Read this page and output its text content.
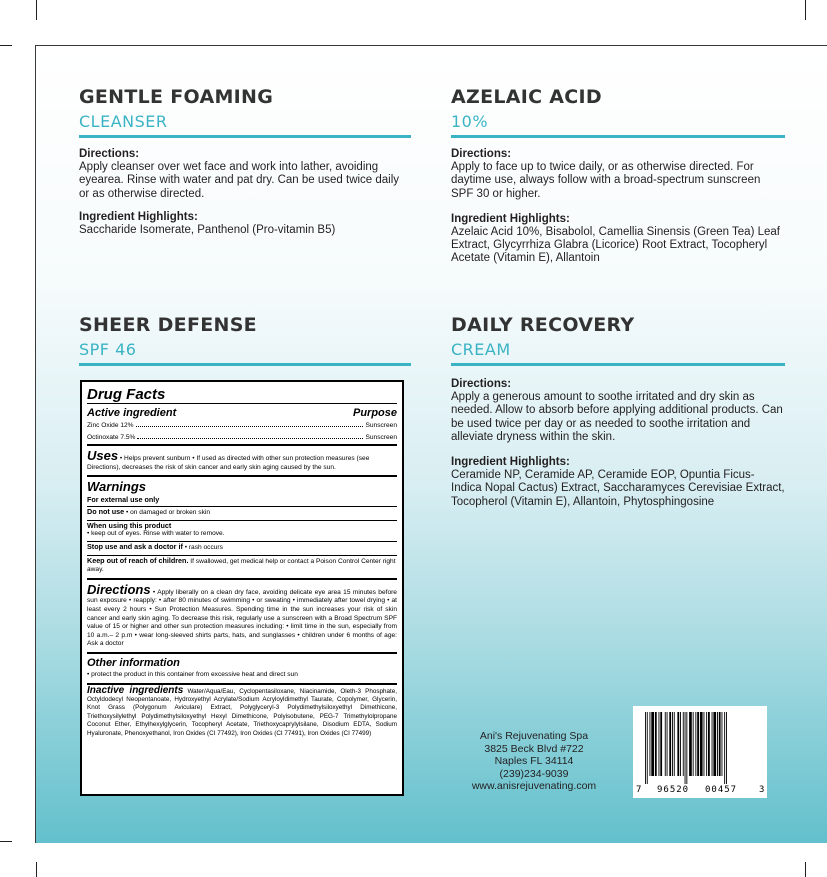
GENTLE FOAMING
CLEANSER
Directions:
Apply cleanser over wet face and work into lather, avoiding eyearea. Rinse with water and pat dry. Can be used twice daily or as otherwise directed.
Ingredient Highlights:
Saccharide Isomerate, Panthenol (Pro-vitamin B5)
AZELAIC ACID
10%
Directions:
Apply to face up to twice daily, or as otherwise directed. For daytime use, always follow with a broad-spectrum sunscreen SPF 30 or higher.
Ingredient Highlights:
Azelaic Acid 10%, Bisabolol, Camellia Sinensis (Green Tea) Leaf Extract, Glycyrrhiza Glabra (Licorice) Root Extract, Tocopheryl Acetate (Vitamin E), Allantoin
SHEER DEFENSE
SPF 46
DAILY RECOVERY
CREAM
Directions:
Apply a generous amount to soothe irritated and dry skin as needed. Allow to absorb before applying additional products. Can be used twice per day or as needed to soothe irritation and alleviate dryness within the skin.
Ingredient Highlights:
Ceramide NP, Ceramide AP, Ceramide EOP, Opuntia Ficus-Indica Nopal Cactus) Extract, Saccharamyces Cerevisiae Extract, Tocopherol (Vitamin E), Allantoin, Phytosphingosine
Drug Facts
Active ingredient	Purpose
Zinc Oxide 12%	Sunscreen
Octinoxate 7.5%	Sunscreen
Uses • Helps prevent sunburn • If used as directed with other sun protection measures (see Directions), decreases the risk of skin cancer and early skin aging caused by the sun.
Warnings
For external use only
Do not use • on damaged or broken skin
When using this product
• keep out of eyes. Rinse with water to remove.
Stop use and ask a doctor if • rash occurs
Keep out of reach of children. If swallowed, get medical help or contact a Poison Control Center right away.
Directions • Apply liberally on a clean dry face, avoiding delicate eye area 15 minutes before sun exposure • reapply: • after 80 minutes of swimming • or sweating • immediately after towel drying • at least every 2 hours • Sun Protection Measures. Spending time in the sun increases your risk of skin cancer and early skin aging. To decrease this risk, regularly use a sunscreen with a Broad Spectrum SPF value of 15 or higher and other sun protection measures including: • limit time in the sun, especially from 10 a.m.– 2 p.m • wear long-sleeved shirts parts, hats, and sunglasses • children under 6 months of age: Ask a doctor
Other information
• protect the product in this container from excessive heat and direct sun
Inactive ingredients Water/Aqua/Eau, Cyclopentasiloxane, Niacinamide, Oleth-3 Phosphate, Octyldodecyl Neopentanoate, Hydroxyethyl Acrylate/Sodium Acryloyldimethyl Taurate, Copolymer, Glycerin, Knot Grass (Polygonum Aviculare) Extract, Polyglyceryl-3 Polydimethylsiloxyethyl Dimethicone, Triethoxysilylethyl Polydimethylsiloxyethyl Hexyl Dimethicone, Polyisobutene, PEG-7 Trimethylolpropane Coconut Ether, Ethylhexylglycerin, Tocopheryl Acetate, Triethoxycaprylylsilane, Disodium EDTA, Sodium Hyaluronate, Phenoxyethanol, Iron Oxides (CI 77492), Iron Oxides (CI 77491), Iron Oxides (CI 77499)	Ani's Rejuvenating Spa
3825 Beck Blvd #722
Naples FL 34114
(239)234-9039
www.anisrejuvenating.com	7 96520 00457 3
